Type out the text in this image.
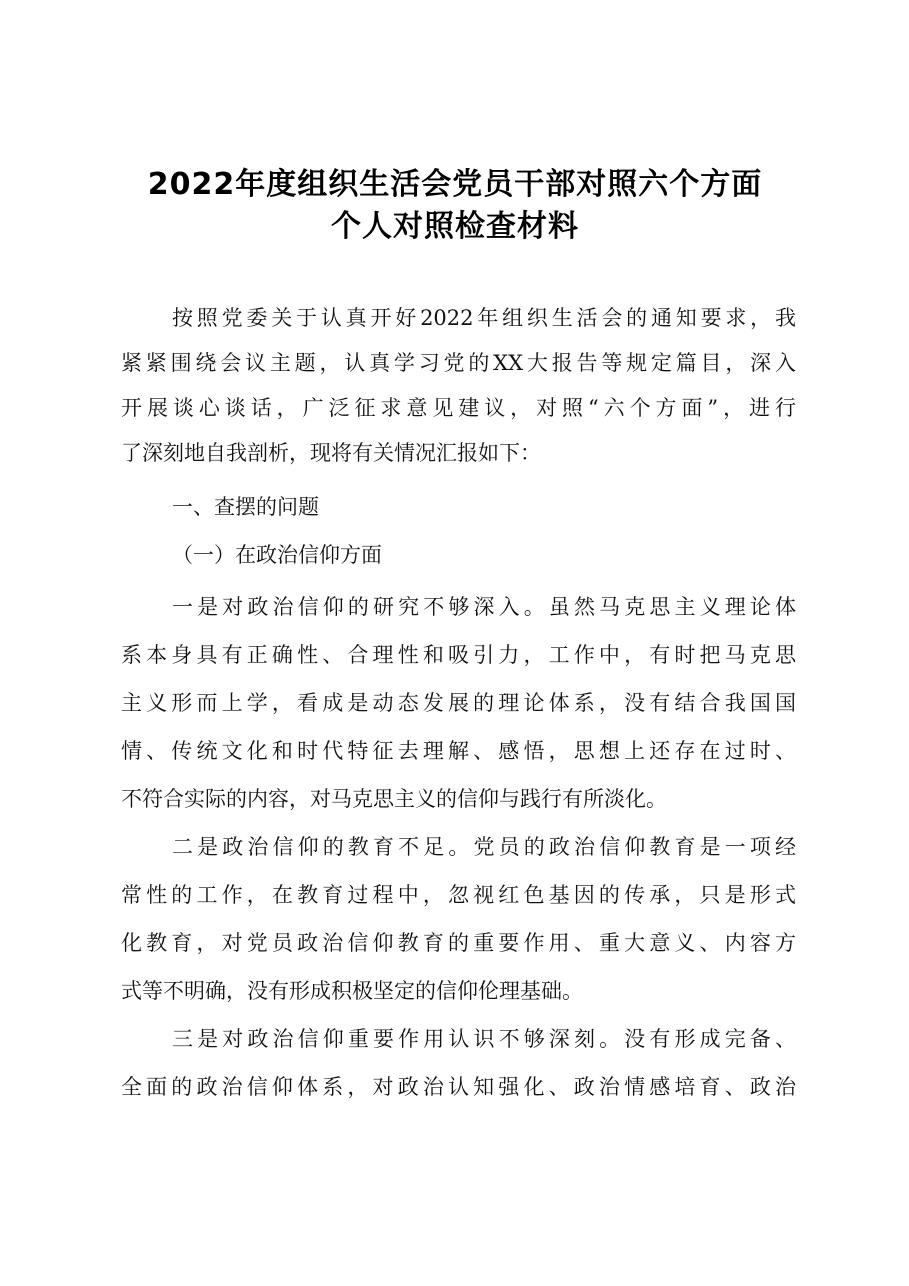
2022年度组织生活会党员干部对照六个方面
个人对照检查材料
按照党委关于认真开好2022年组织生活会的通知要求，我
紧紧围绕会议主题，认真学习党的XX大报告等规定篇目，深入
开展谈心谈话，广泛征求意见建议，对照“六个方面”，进行
了深刻地自我剖析，现将有关情况汇报如下：
一、查摆的问题
（一）在政治信仰方面
一是对政治信仰的研究不够深入。虽然马克思主义理论体
系本身具有正确性、合理性和吸引力，工作中，有时把马克思
主义形而上学，看成是动态发展的理论体系，没有结合我国国
情、传统文化和时代特征去理解、感悟，思想上还存在过时、
不符合实际的内容，对马克思主义的信仰与践行有所淡化。
二是政治信仰的教育不足。党员的政治信仰教育是一项经
常性的工作，在教育过程中，忽视红色基因的传承，只是形式
化教育，对党员政治信仰教育的重要作用、重大意义、内容方
式等不明确，没有形成积极坚定的信仰伦理基础。
三是对政治信仰重要作用认识不够深刻。没有形成完备、
全面的政治信仰体系，对政治认知强化、政治情感培育、政治
